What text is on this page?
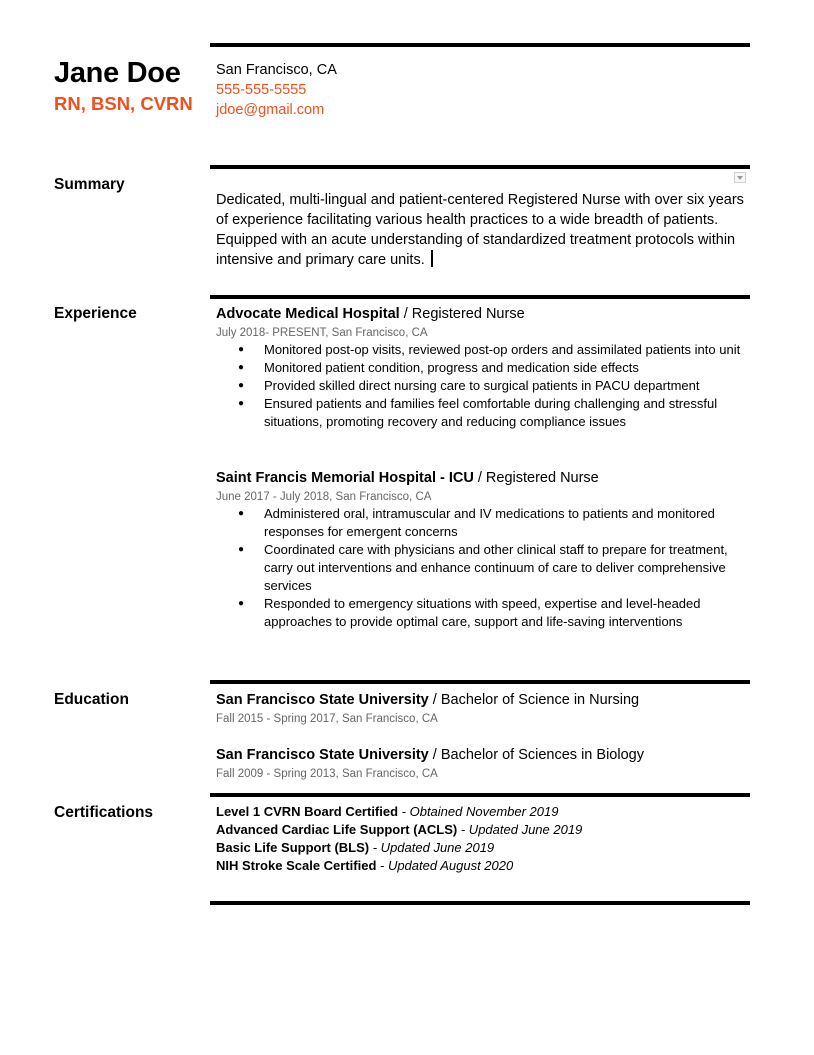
Jane Doe
RN, BSN, CVRN
San Francisco, CA
555-555-5555
jdoe@gmail.com
Summary
Dedicated, multi-lingual and patient-centered Registered Nurse with over six years of experience facilitating various health practices to a wide breadth of patients. Equipped with an acute understanding of standardized treatment protocols within intensive and primary care units.
Experience	Advocate Medical Hospital / Registered Nurse
July 2018- PRESENT, San Francisco, CA
● Monitored post-op visits, reviewed post-op orders and assimilated patients into unit
● Monitored patient condition, progress and medication side effects
● Provided skilled direct nursing care to surgical patients in PACU department
● Ensured patients and families feel comfortable during challenging and stressful situations, promoting recovery and reducing compliance issues
Saint Francis Memorial Hospital - ICU / Registered Nurse
June 2017 - July 2018, San Francisco, CA
● Administered oral, intramuscular and IV medications to patients and monitored responses for emergent concerns
● Coordinated care with physicians and other clinical staff to prepare for treatment, carry out interventions and enhance continuum of care to deliver comprehensive services
● Responded to emergency situations with speed, expertise and level-headed approaches to provide optimal care, support and life-saving interventions
Education	San Francisco State University / Bachelor of Science in Nursing
Fall 2015 - Spring 2017, San Francisco, CA
San Francisco State University / Bachelor of Sciences in Biology
Fall 2009 - Spring 2013, San Francisco, CA
Certifications	Level 1 CVRN Board Certified - Obtained November 2019
Advanced Cardiac Life Support (ACLS) - Updated June 2019
Basic Life Support (BLS) - Updated June 2019
NIH Stroke Scale Certified - Updated August 2020
